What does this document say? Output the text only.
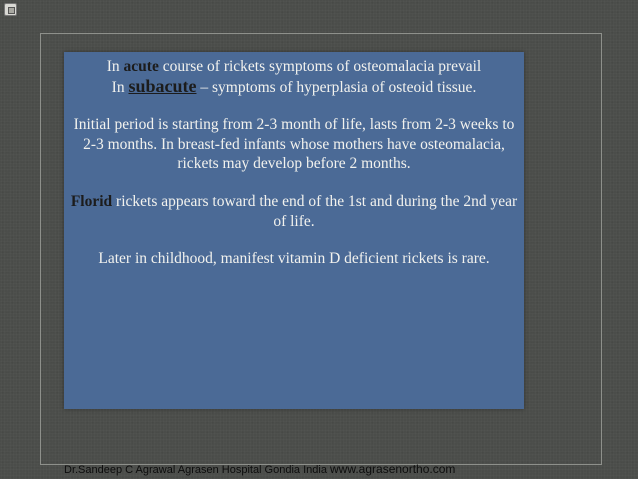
In acute course of rickets symptoms of osteomalacia prevail

In subacute – symptoms of hyperplasia of osteoid tissue.

Initial period is starting from 2-3 month of life, lasts from 2-3 weeks to 2-3 months. In breast-fed infants whose mothers have osteomalacia, rickets may develop before 2 months.

Florid rickets appears toward the end of the 1st and during the 2nd year of life.

Later in childhood, manifest vitamin D deficient rickets is rare.

Dr.Sandeep C Agrawal Agrasen Hospital Gondia India www.agrasenortho.com
